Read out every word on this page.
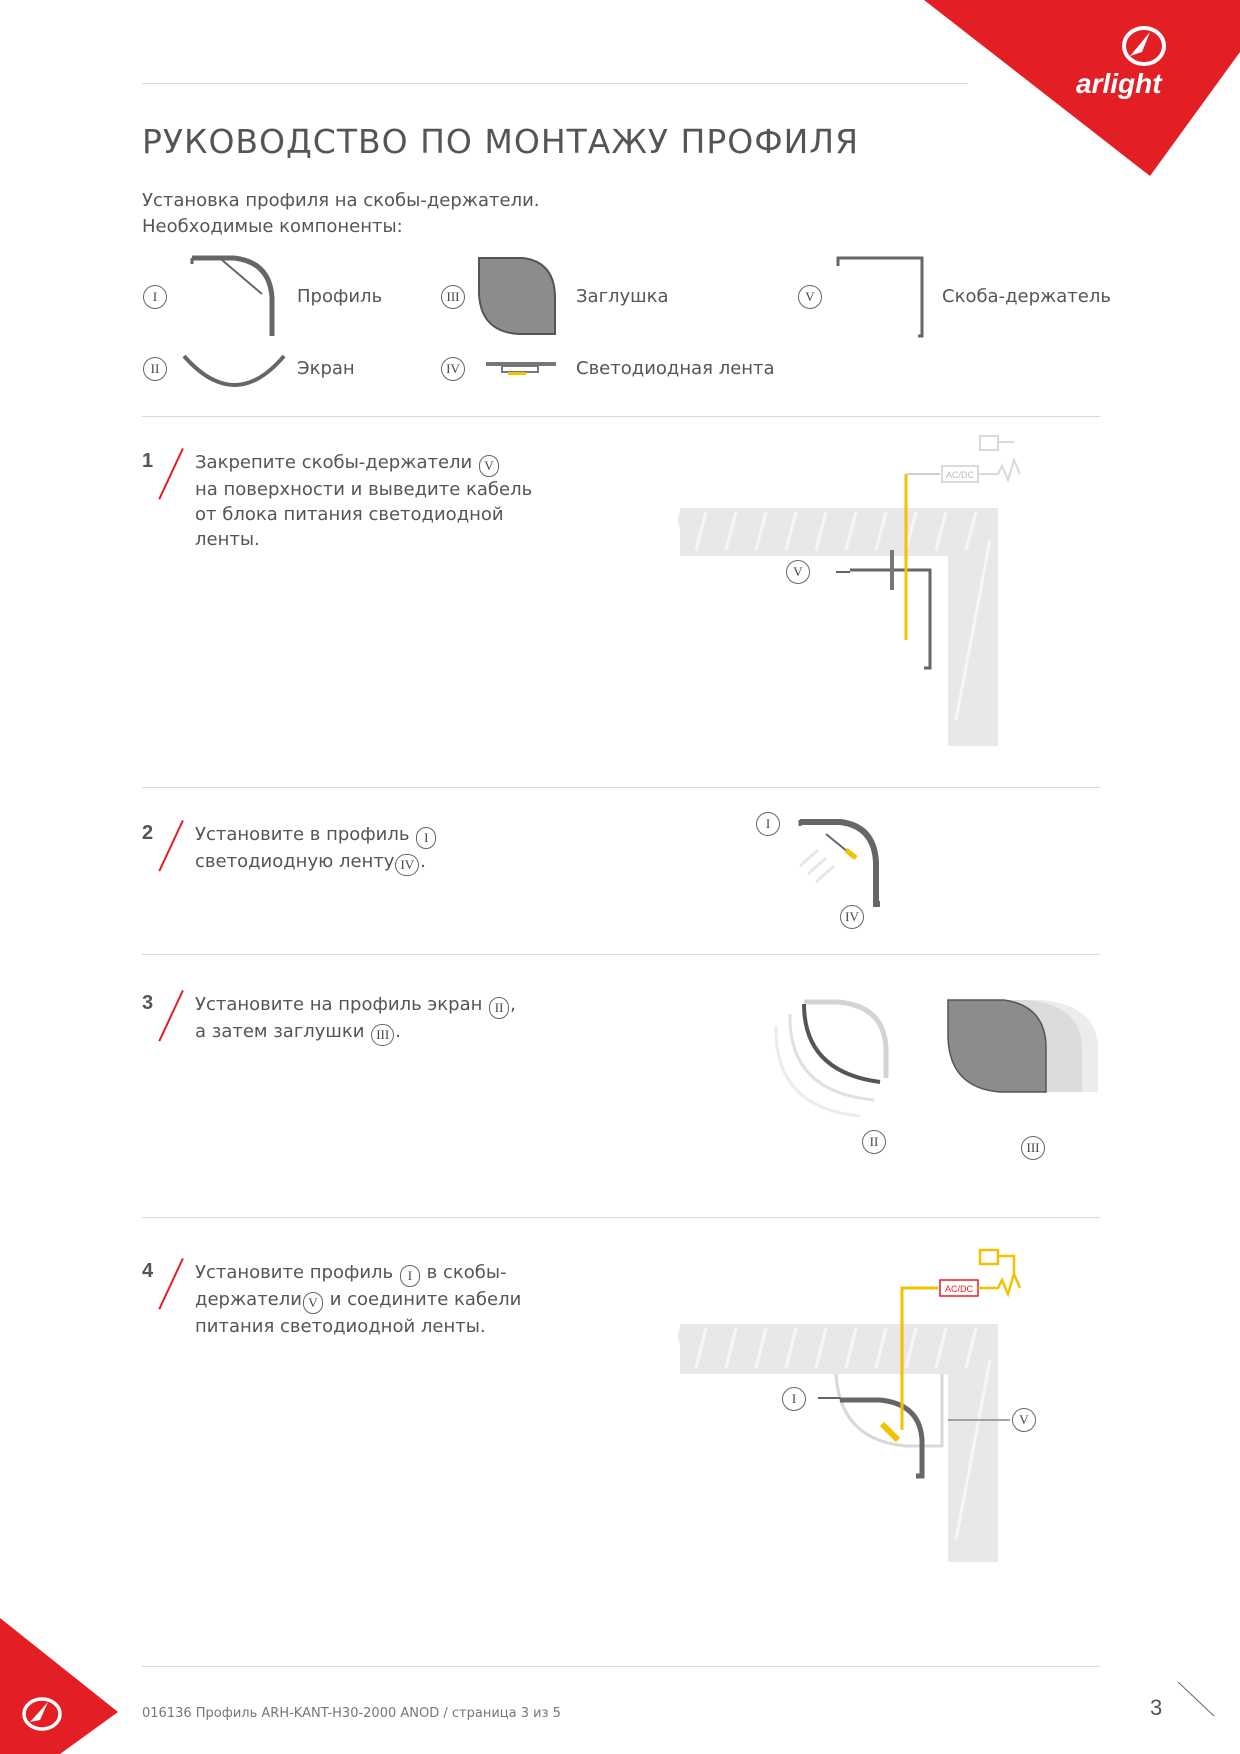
arlight
РУКОВОДСТВО ПО МОНТАЖУ ПРОФИЛЯ
Установка профиля на скобы-держатели.
Необходимые компоненты:
I	Профиль
II	Экран
III	Заглушка
IV	Светодиодная лента
V	Скоба-держатель
1 Закрепите скобы-держатели V
на поверхности и выведите кабель
от блока питания светодиодной
ленты.
AC/DC
V
2 Установите в профиль I
светодиодную ленту IV .
I
IV
3 Установите на профиль экран II ,
а затем заглушки III .
II	III
4 Установите профиль I в скобы-
держатели V и соедините кабели
питания светодиодной ленты.
AC/DC
I
V
016136 Профиль ARH-KANT-H30-2000 ANOD / страница 3 из 5	3
